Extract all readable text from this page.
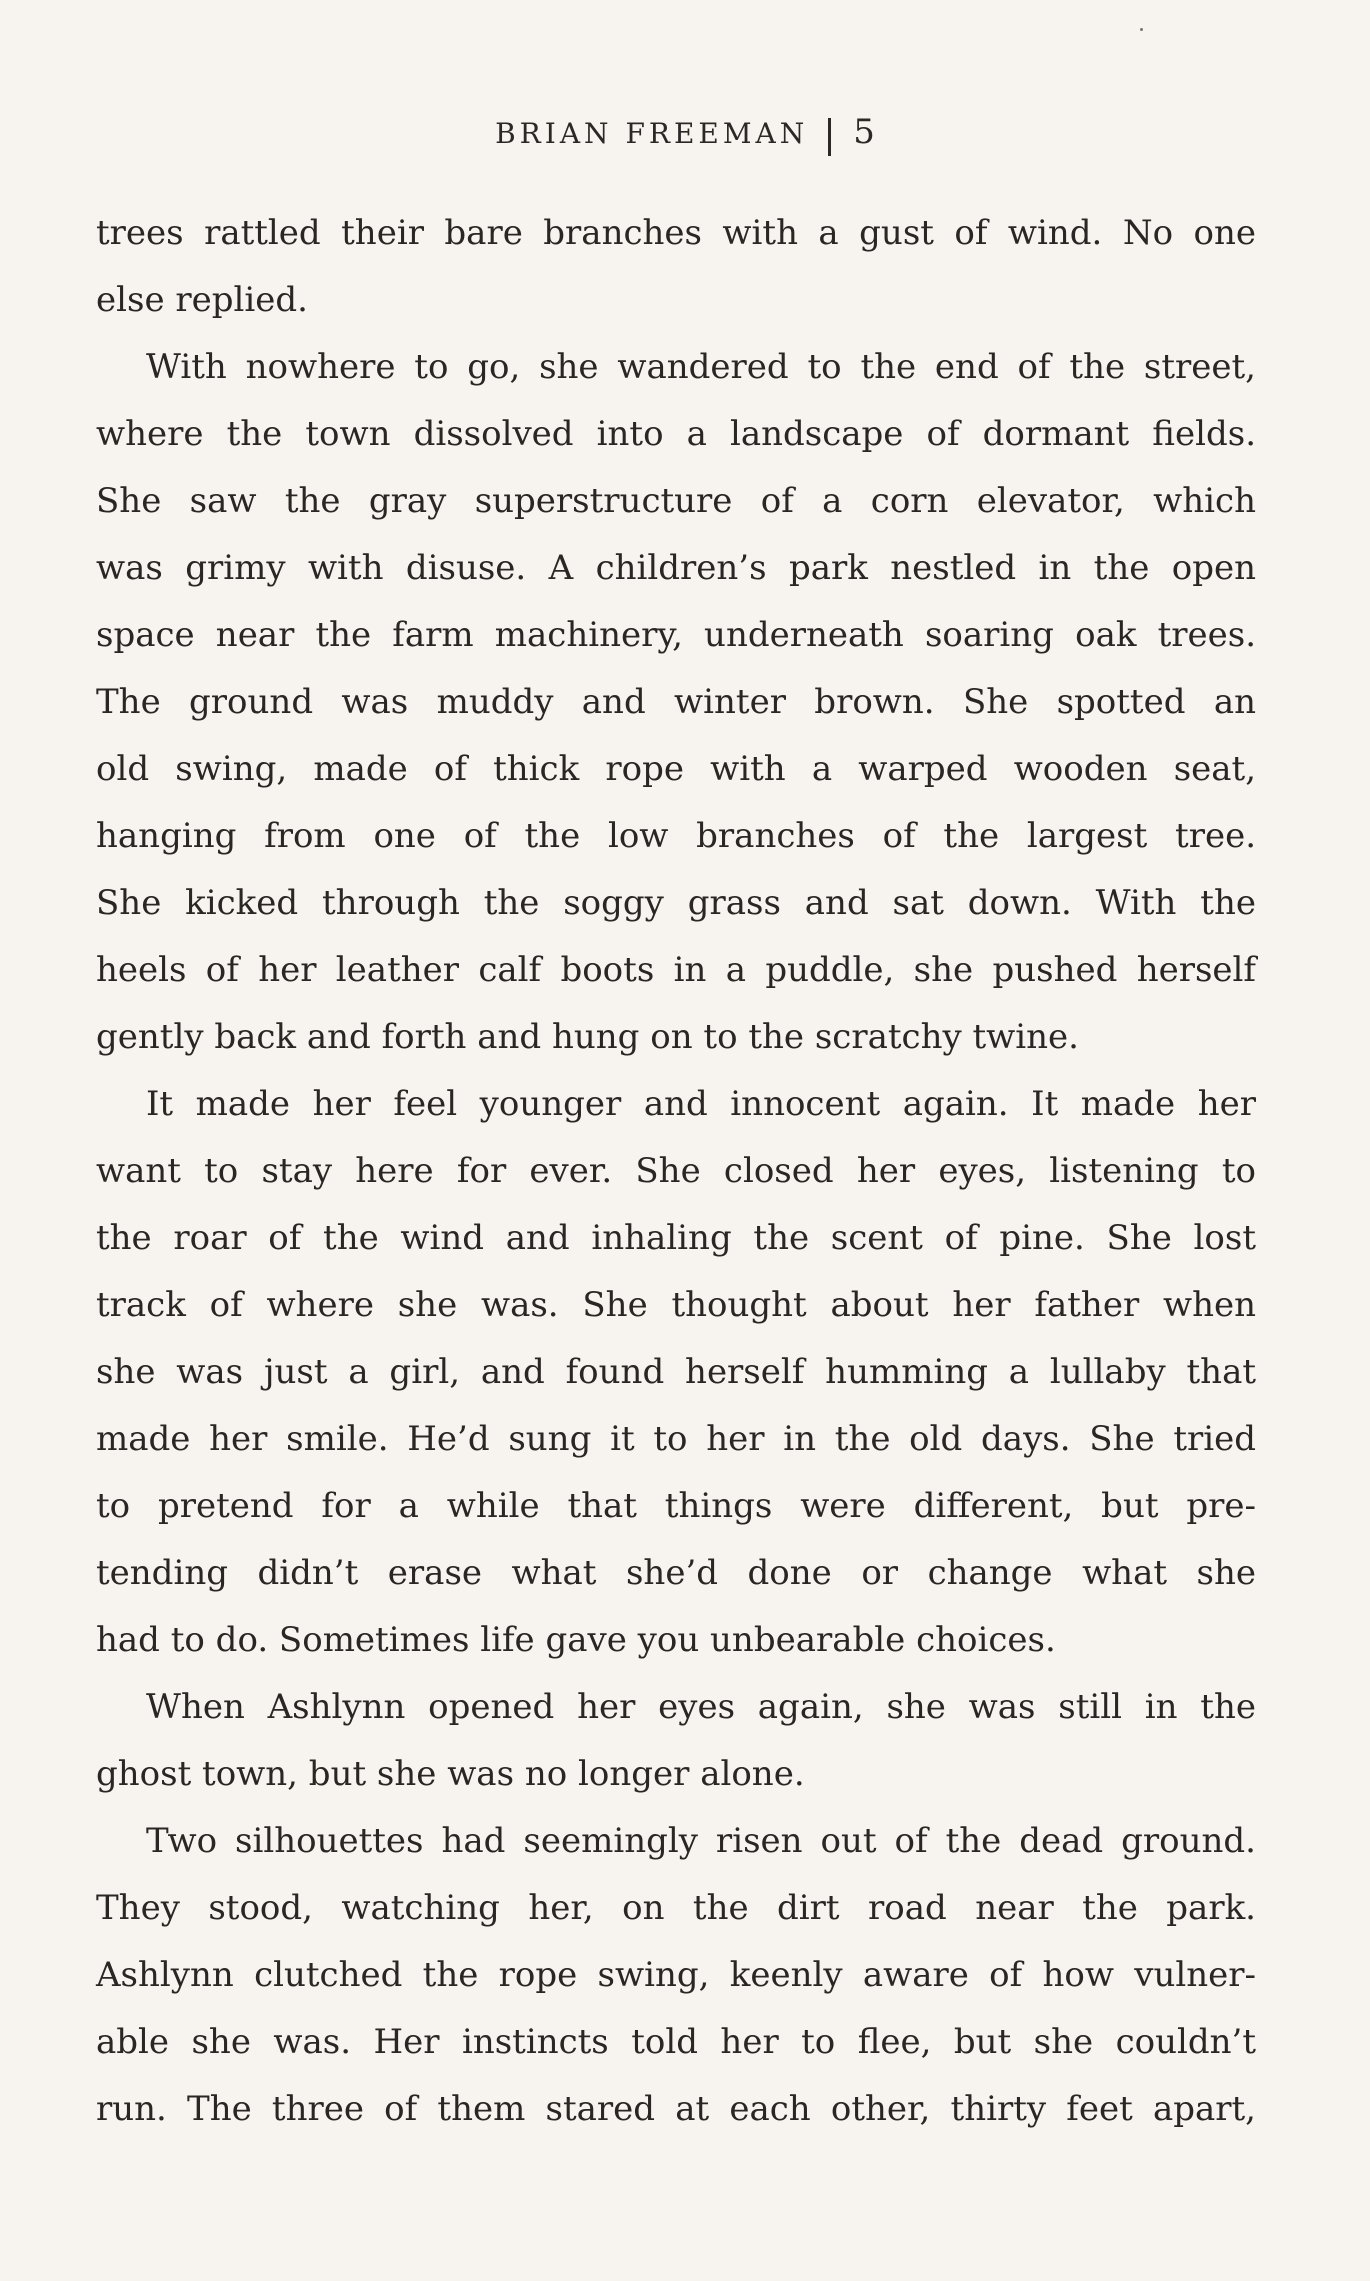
BRIAN FREEMAN 5

trees rattled their bare branches with a gust of wind. No one

else replied.

With nowhere to go, she wandered to the end of the street,

where the town dissolved into a landscape of dormant fields.

She saw the gray superstructure of a corn elevator, which

was grimy with disuse. A children’s park nestled in the open

space near the farm machinery, underneath soaring oak trees.

The ground was muddy and winter brown. She spotted an

old swing, made of thick rope with a warped wooden seat,

hanging from one of the low branches of the largest tree.

She kicked through the soggy grass and sat down. With the

heels of her leather calf boots in a puddle, she pushed herself

gently back and forth and hung on to the scratchy twine.

It made her feel younger and innocent again. It made her

want to stay here for ever. She closed her eyes, listening to

the roar of the wind and inhaling the scent of pine. She lost

track of where she was. She thought about her father when

she was just a girl, and found herself humming a lullaby that

made her smile. He’d sung it to her in the old days. She tried

to pretend for a while that things were different, but pre-

tending didn’t erase what she’d done or change what she

had to do. Sometimes life gave you unbearable choices.

When Ashlynn opened her eyes again, she was still in the

ghost town, but she was no longer alone.

Two silhouettes had seemingly risen out of the dead ground.

They stood, watching her, on the dirt road near the park.

Ashlynn clutched the rope swing, keenly aware of how vulner-

able she was. Her instincts told her to flee, but she couldn’t

run. The three of them stared at each other, thirty feet apart,
